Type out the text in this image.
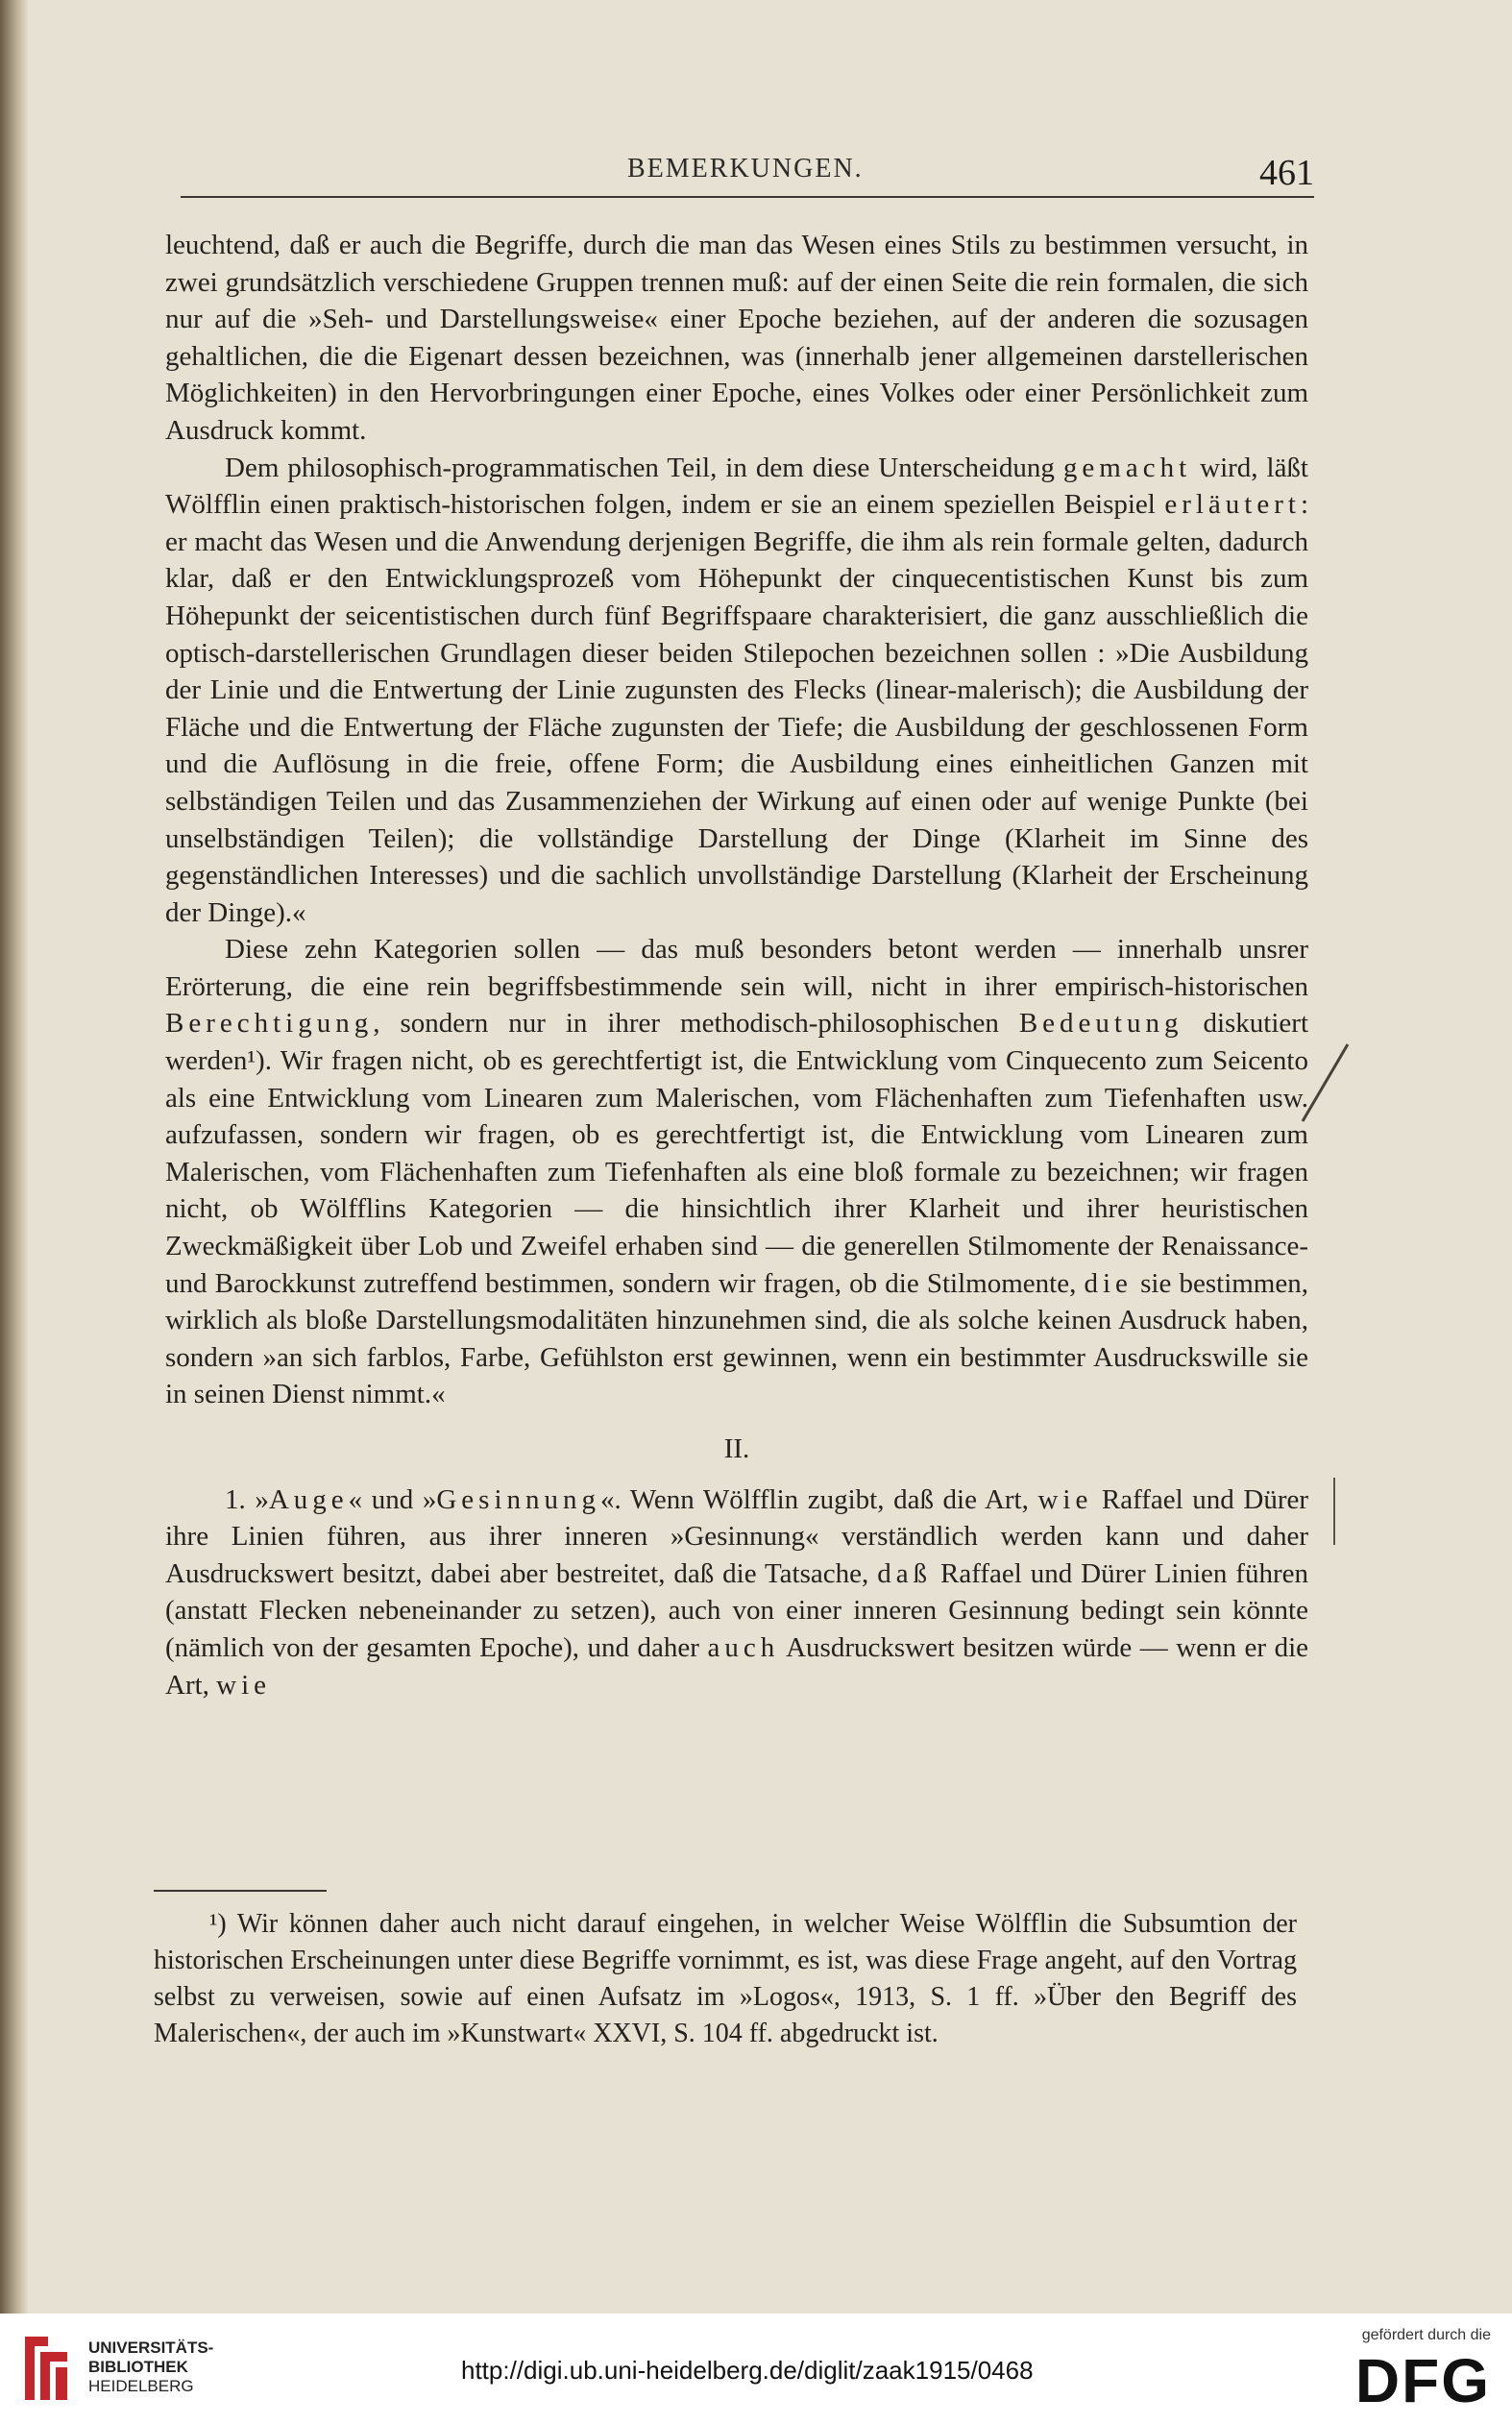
BEMERKUNGEN.	461

leuchtend, daß er auch die Begriffe, durch die man das Wesen eines Stils zu bestimmen versucht, in zwei grundsätzlich verschiedene Gruppen trennen muß: auf der einen Seite die rein formalen, die sich nur auf die »Seh- und Darstellungsweise« einer Epoche beziehen, auf der anderen die sozusagen gehaltlichen, die die Eigenart dessen bezeichnen, was (innerhalb jener allgemeinen darstellerischen Möglichkeiten) in den Hervorbringungen einer Epoche, eines Volkes oder einer Persönlichkeit zum Ausdruck kommt.

Dem philosophisch-programmatischen Teil, in dem diese Unterscheidung gemacht wird, läßt Wölfflin einen praktisch-historischen folgen, indem er sie an einem speziellen Beispiel erläutert: er macht das Wesen und die Anwendung derjenigen Begriffe, die ihm als rein formale gelten, dadurch klar, daß er den Entwicklungsprozeß vom Höhepunkt der cinquecentistischen Kunst bis zum Höhepunkt der seicentistischen durch fünf Begriffspaare charakterisiert, die ganz ausschließlich die optisch-darstellerischen Grundlagen dieser beiden Stilepochen bezeichnen sollen : »Die Ausbildung der Linie und die Entwertung der Linie zugunsten des Flecks (linear-malerisch); die Ausbildung der Fläche und die Entwertung der Fläche zugunsten der Tiefe; die Ausbildung der geschlossenen Form und die Auflösung in die freie, offene Form; die Ausbildung eines einheitlichen Ganzen mit selbständigen Teilen und das Zusammenziehen der Wirkung auf einen oder auf wenige Punkte (bei unselbständigen Teilen); die vollständige Darstellung der Dinge (Klarheit im Sinne des gegenständlichen Interesses) und die sachlich unvollständige Darstellung (Klarheit der Erscheinung der Dinge).«

Diese zehn Kategorien sollen — das muß besonders betont werden — innerhalb unsrer Erörterung, die eine rein begriffsbestimmende sein will, nicht in ihrer empirisch-historischen Berechtigung, sondern nur in ihrer methodisch-philosophischen Bedeutung diskutiert werden¹). Wir fragen nicht, ob es gerechtfertigt ist, die Entwicklung vom Cinquecento zum Seicento als eine Entwicklung vom Linearen zum Malerischen, vom Flächenhaften zum Tiefenhaften usw. aufzufassen, sondern wir fragen, ob es gerechtfertigt ist, die Entwicklung vom Linearen zum Malerischen, vom Flächenhaften zum Tiefenhaften als eine bloß formale zu bezeichnen; wir fragen nicht, ob Wölfflins Kategorien — die hinsichtlich ihrer Klarheit und ihrer heuristischen Zweckmäßigkeit über Lob und Zweifel erhaben sind — die generellen Stilmomente der Renaissance- und Barockkunst zutreffend bestimmen, sondern wir fragen, ob die Stilmomente, die sie bestimmen, wirklich als bloße Darstellungsmodalitäten hinzunehmen sind, die als solche keinen Ausdruck haben, sondern »an sich farblos, Farbe, Gefühlston erst gewinnen, wenn ein bestimmter Ausdruckswille sie in seinen Dienst nimmt.«

II.

1. »Auge« und »Gesinnung«. Wenn Wölfflin zugibt, daß die Art, wie Raffael und Dürer ihre Linien führen, aus ihrer inneren »Gesinnung« verständlich werden kann und daher Ausdruckswert besitzt, dabei aber bestreitet, daß die Tatsache, daß Raffael und Dürer Linien führen (anstatt Flecken nebeneinander zu setzen), auch von einer inneren Gesinnung bedingt sein könnte (nämlich von der gesamten Epoche), und daher auch Ausdruckswert besitzen würde — wenn er die Art, wie

¹) Wir können daher auch nicht darauf eingehen, in welcher Weise Wölfflin die Subsumtion der historischen Erscheinungen unter diese Begriffe vornimmt, es ist, was diese Frage angeht, auf den Vortrag selbst zu verweisen, sowie auf einen Aufsatz im »Logos«, 1913, S. 1 ff. »Über den Begriff des Malerischen«, der auch im »Kunstwart« XXVI, S. 104 ff. abgedruckt ist.

UNIVERSITÄTS-
BIBLIOTHEK
HEIDELBERG
http://digi.ub.uni-heidelberg.de/diglit/zaak1915/0468
gefördert durch die
DFG
